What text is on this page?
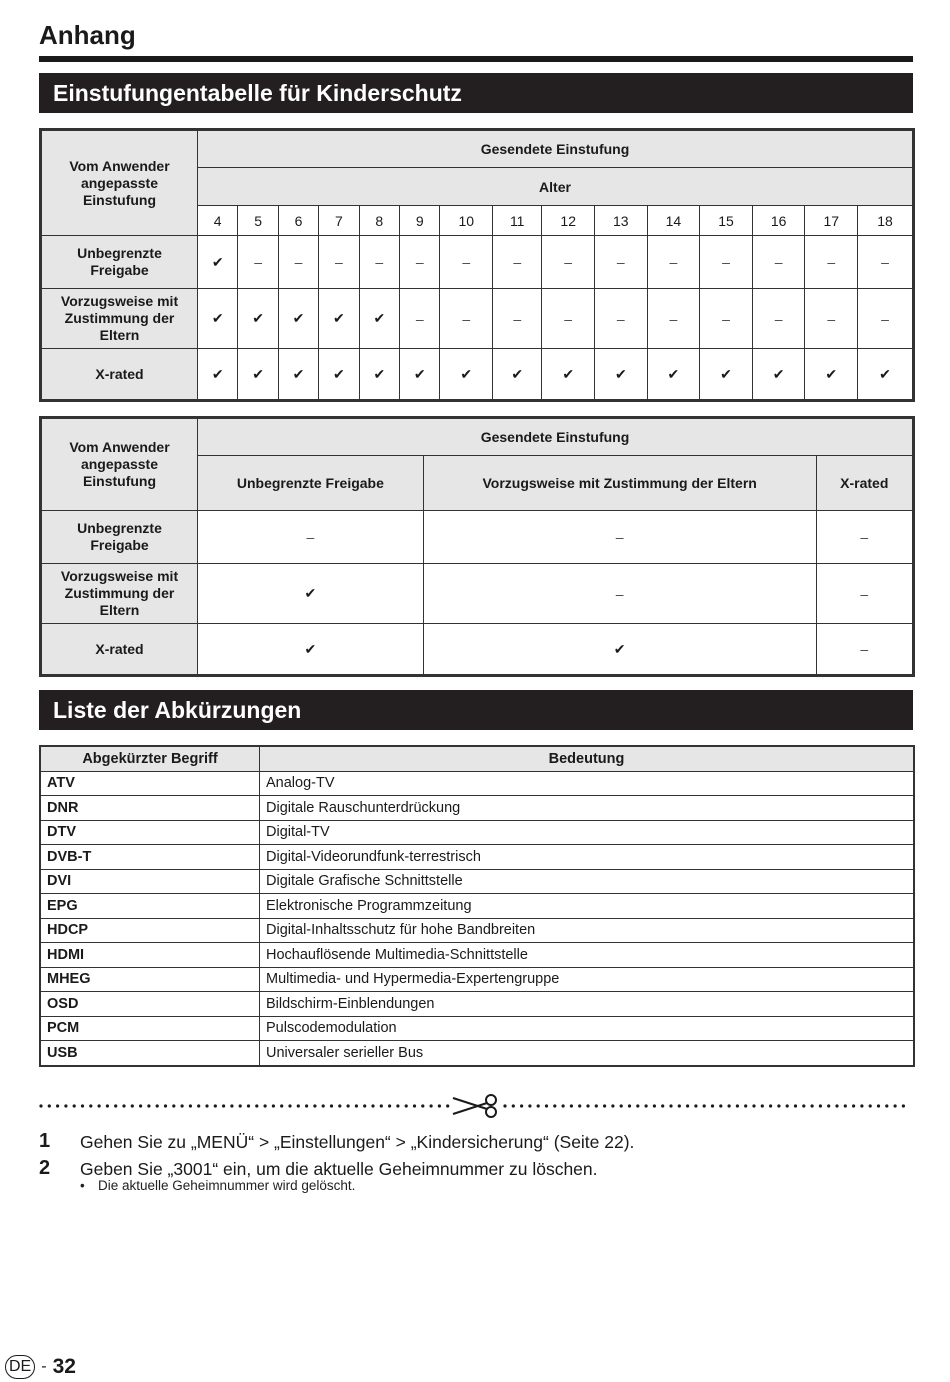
Anhang
Einstufungentabelle für Kinderschutz
Vom Anwender angepasste Einstufung	Gesendete Einstufung														
	Alter														
	4	5	6	7	8	9	10	11	12	13	14	15	16	17	18
Unbegrenzte Freigabe	✔	–	–	–	–	–	–	–	–	–	–	–	–	–	–
Vorzugsweise mit Zustimmung der Eltern	✔	✔	✔	✔	✔	–	–	–	–	–	–	–	–	–	–
X-rated	✔	✔	✔	✔	✔	✔	✔	✔	✔	✔	✔	✔	✔	✔	✔
Vom Anwender angepasste Einstufung	Gesendete Einstufung		
	Unbegrenzte Freigabe	Vorzugsweise mit Zustimmung der Eltern	X-rated
Unbegrenzte Freigabe	–	–	–
Vorzugsweise mit Zustimmung der Eltern	✔	–	–
X-rated	✔	✔	–
Liste der Abkürzungen
Abgekürzter Begriff	Bedeutung
ATV	Analog-TV
DNR	Digitale Rauschunterdrückung
DTV	Digital-TV
DVB-T	Digital-Videorundfunk-terrestrisch
DVI	Digitale Grafische Schnittstelle
EPG	Elektronische Programmzeitung
HDCP	Digital-Inhaltsschutz für hohe Bandbreiten
HDMI	Hochauflösende Multimedia-Schnittstelle
MHEG	Multimedia- und Hypermedia-Expertengruppe
OSD	Bildschirm-Einblendungen
PCM	Pulscodemodulation
USB	Universaler serieller Bus
1 Gehen Sie zu „MENÜ“ > „Einstellungen“ > „Kindersicherung“ (Seite 22).
2 Geben Sie „3001“ ein, um die aktuelle Geheimnummer zu löschen.
• Die aktuelle Geheimnummer wird gelöscht.
DE - 32
